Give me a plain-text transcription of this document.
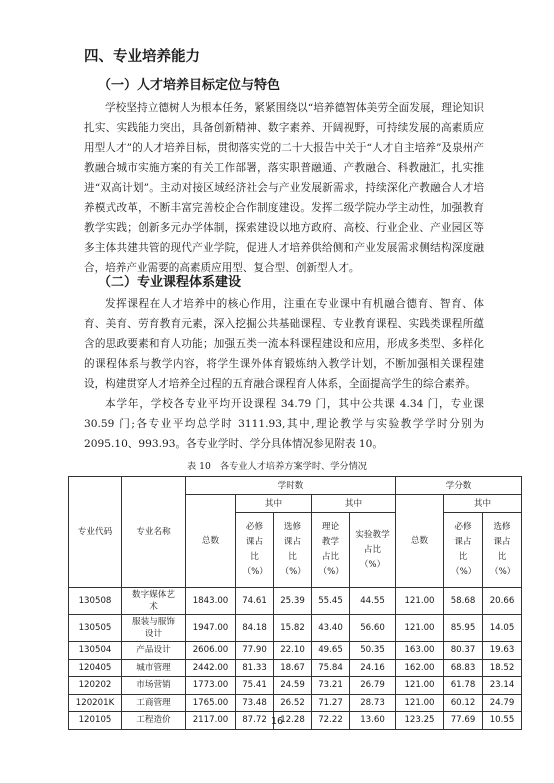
四、专业培养能力
（一）人才培养目标定位与特色

学校坚持立德树人为根本任务，紧紧围绕以“培养德智体美劳全面发展，理论知识扎实、实践能力突出，具备创新精神、数字素养、开阔视野，可持续发展的高素质应用型人才”的人才培养目标，贯彻落实党的二十大报告中关于“人才自主培养”及泉州产教融合城市实施方案的有关工作部署，落实职普融通、产教融合、科教融汇，扎实推进“双高计划”。主动对接区域经济社会与产业发展新需求，持续深化产教融合人才培养模式改革，不断丰富完善校企合作制度建设。发挥二级学院办学主动性，加强教育教学实践；创新多元办学体制，探索建设以地方政府、高校、行业企业、产业园区等多主体共建共管的现代产业学院，促进人才培养供给侧和产业发展需求侧结构深度融合，培养产业需要的高素质应用型、复合型、创新型人才。

（二）专业课程体系建设

发挥课程在人才培养中的核心作用，注重在专业课中有机融合德育、智育、体育、美育、劳育教育元素，深入挖掘公共基础课程、专业教育课程、实践类课程所蕴含的思政要素和育人功能；加强五类一流本科课程建设和应用，形成多类型、多样化的课程体系与教学内容，将学生课外体育锻炼纳入教学计划，不断加强相关课程建设，构建贯穿人才培养全过程的五育融合课程育人体系，全面提高学生的综合素养。

本学年，学校各专业平均开设课程 34.79 门，其中公共课 4.34 门，专业课 30.59 门;各专业平均总学时 3111.93,其中,理论教学与实验教学学时分别为 2095.10、993.93。各专业学时、学分具体情况参见附表 10。

表 10　各专业人才培养方案学时、学分情况
专业代码	专业名称	学时数					学分数		
		总数	其中		其中		总数	其中	

			必修课占比（%）	选修课占比（%）	理论教学占比（%）	实验教学占比（%）		必修课占比（%）	选修课占比（%）

130508	数字媒体艺术	1843.00	74.61	25.39	55.45	44.55	121.00	58.68	20.66
130505	服装与服饰设计	1947.00	84.18	15.82	43.40	56.60	121.00	85.95	14.05
130504	产品设计	2606.00	77.90	22.10	49.65	50.35	163.00	80.37	19.63
120405	城市管理	2442.00	81.33	18.67	75.84	24.16	162.00	68.83	18.52
120202	市场营销	1773.00	75.41	24.59	73.21	26.79	121.00	61.78	23.14
120201K	工商管理	1765.00	73.48	26.52	71.27	28.73	121.00	60.12	24.79
120105	工程造价	2117.00	87.72	12.28	72.22	13.60	123.25	77.69	10.55
16
